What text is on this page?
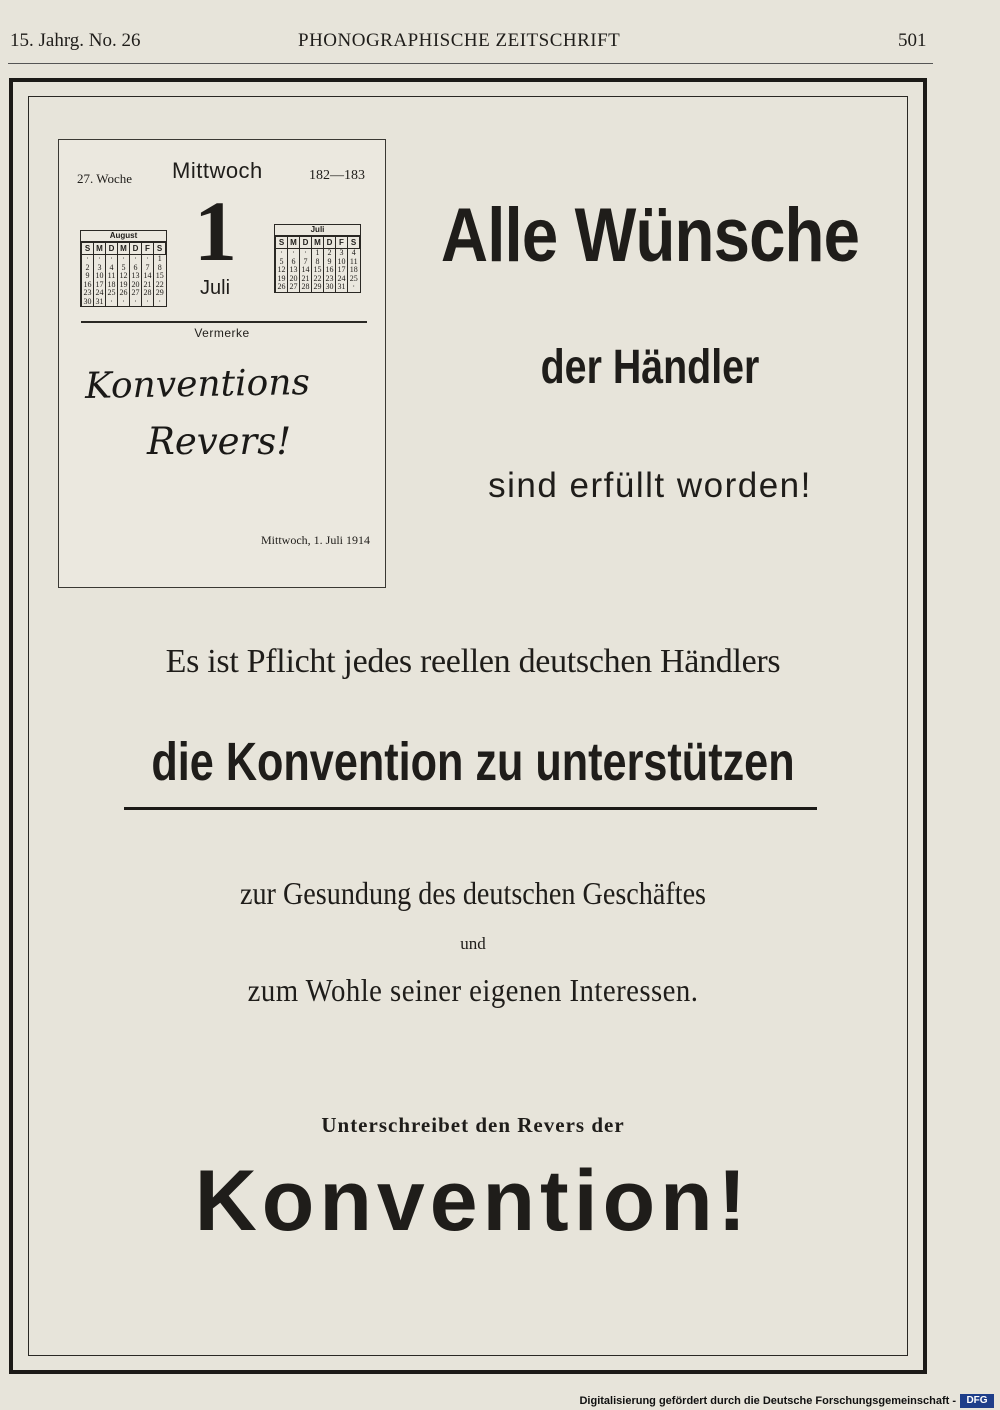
15. Jahrg. No. 26	PHONOGRAPHISCHE ZEITSCHRIFT	501
27. Woche Mittwoch	182—183
August
S	M	D	M	D	F	S
·	·	·	·	·	·	1
2	3	4	5	6	7	8
9	10	11	12	13	14	15
16	17	18	19	20	21	22
23	24	25	26	27	28	29
30	31	·	·	·	·	·
1
Juli
Juli
S	M	D	M	D	F	S
·	·	·	1	2	3	4
5	6	7	8	9	10	11
12	13	14	15	16	17	18
19	20	21	22	23	24	25
26	27	28	29	30	31	·
Vermerke
Konventions
Revers!
Mittwoch, 1. Juli 1914
Alle Wünsche
der Händler
sind erfüllt worden!
Es ist Pflicht jedes reellen deutschen Händlers
die Konvention zu unterstützen
zur Gesundung des deutschen Geschäftes
und
zum Wohle seiner eigenen Interessen.
Unterschreibet den Revers der
Konvention!
Digitalisierung gefördert durch die Deutsche Forschungsgemeinschaft -	DFG
